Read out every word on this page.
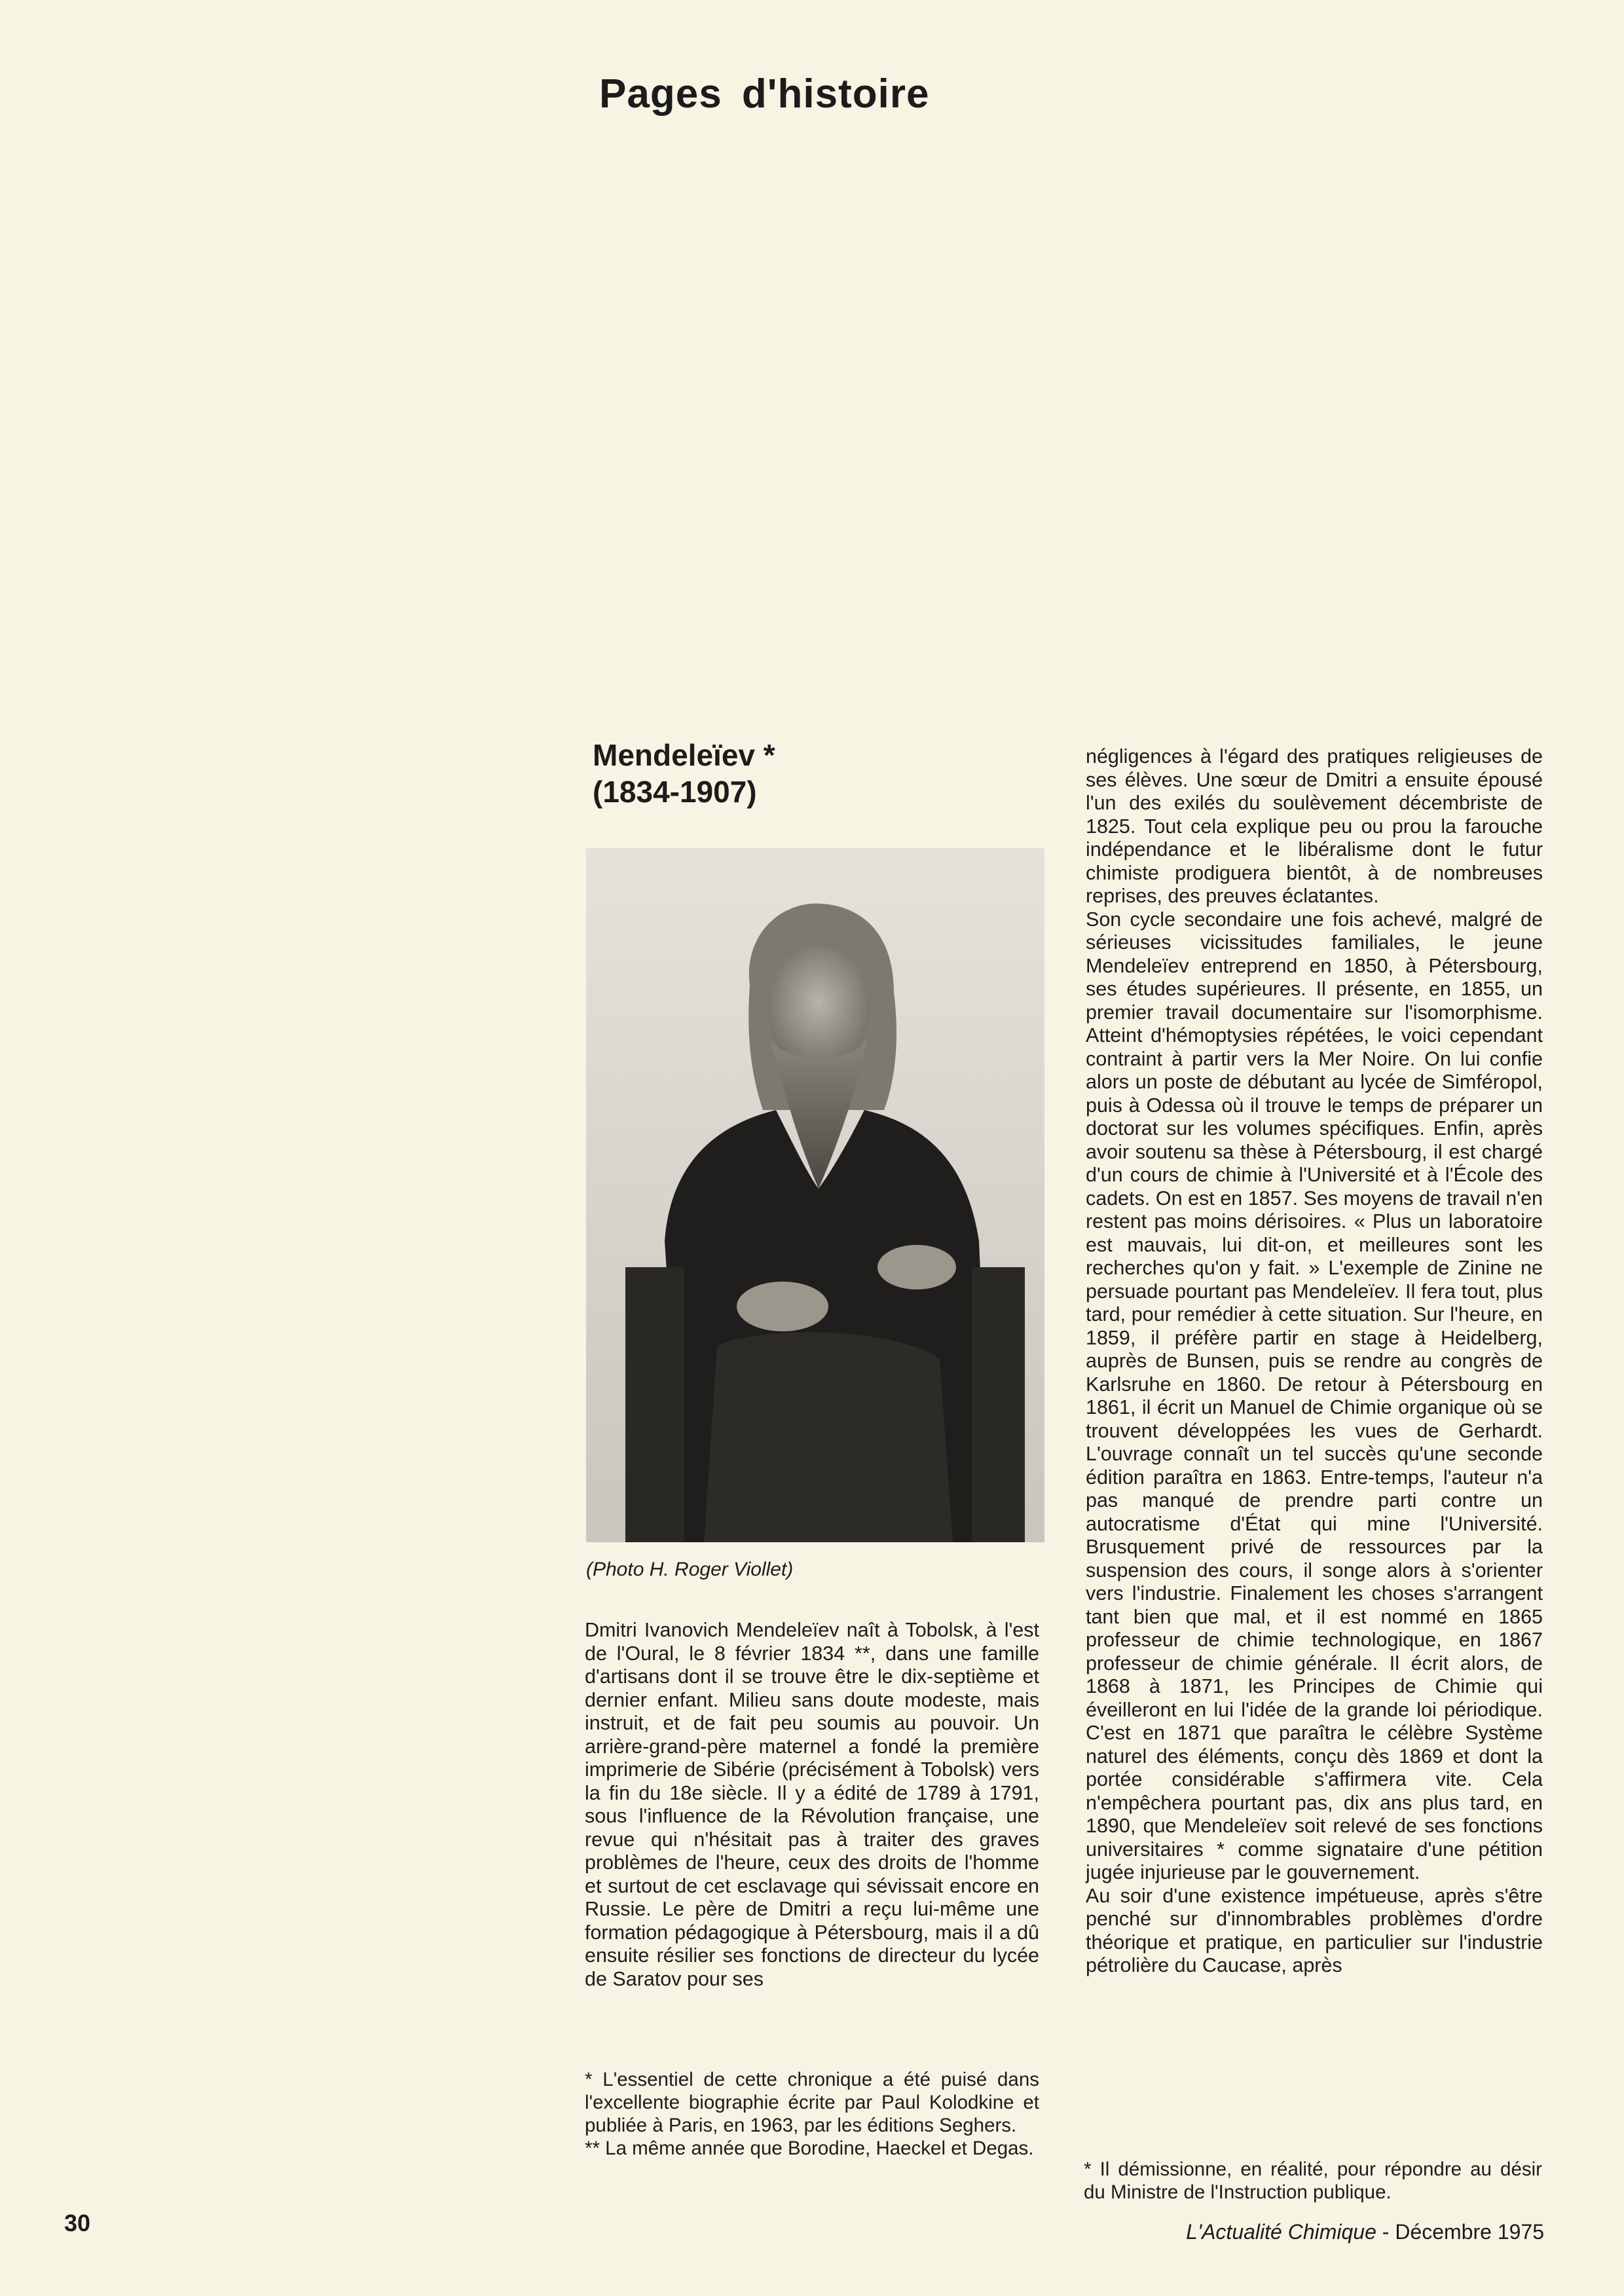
Pages d'histoire
Mendeleïev *
(1834-1907)

(Photo H. Roger Viollet)

Dmitri Ivanovich Mendeleïev naît à Tobolsk, à l'est de l'Oural, le 8 février 1834 **, dans une famille d'artisans dont il se trouve être le dix-septième et dernier enfant. Milieu sans doute modeste, mais instruit, et de fait peu soumis au pouvoir. Un arrière-grand-père maternel a fondé la première imprimerie de Sibérie (précisément à Tobolsk) vers la fin du 18e siècle. Il y a édité de 1789 à 1791, sous l'influence de la Révolution française, une revue qui n'hésitait pas à traiter des graves problèmes de l'heure, ceux des droits de l'homme et surtout de cet esclavage qui sévissait encore en Russie. Le père de Dmitri a reçu lui-même une formation pédagogique à Pétersbourg, mais il a dû ensuite résilier ses fonctions de directeur du lycée de Saratov pour ses

* L'essentiel de cette chronique a été puisé dans l'excellente biographie écrite par Paul Kolodkine et publiée à Paris, en 1963, par les éditions Seghers.

** La même année que Borodine, Haeckel et Degas.

négligences à l'égard des pratiques religieuses de ses élèves. Une sœur de Dmitri a ensuite épousé l'un des exilés du soulèvement décembriste de 1825. Tout cela explique peu ou prou la farouche indépendance et le libéralisme dont le futur chimiste prodiguera bientôt, à de nombreuses reprises, des preuves éclatantes.

Son cycle secondaire une fois achevé, malgré de sérieuses vicissitudes familiales, le jeune Mendeleïev entreprend en 1850, à Pétersbourg, ses études supérieures. Il présente, en 1855, un premier travail documentaire sur l'isomorphisme. Atteint d'hémoptysies répétées, le voici cependant contraint à partir vers la Mer Noire. On lui confie alors un poste de débutant au lycée de Simféropol, puis à Odessa où il trouve le temps de préparer un doctorat sur les volumes spécifiques. Enfin, après avoir soutenu sa thèse à Pétersbourg, il est chargé d'un cours de chimie à l'Université et à l'École des cadets. On est en 1857. Ses moyens de travail n'en restent pas moins dérisoires. « Plus un laboratoire est mauvais, lui dit-on, et meilleures sont les recherches qu'on y fait. » L'exemple de Zinine ne persuade pourtant pas Mendeleïev. Il fera tout, plus tard, pour remédier à cette situation. Sur l'heure, en 1859, il préfère partir en stage à Heidelberg, auprès de Bunsen, puis se rendre au congrès de Karlsruhe en 1860. De retour à Pétersbourg en 1861, il écrit un Manuel de Chimie organique où se trouvent développées les vues de Gerhardt. L'ouvrage connaît un tel succès qu'une seconde édition paraîtra en 1863. Entre-temps, l'auteur n'a pas manqué de prendre parti contre un autocratisme d'État qui mine l'Université. Brusquement privé de ressources par la suspension des cours, il songe alors à s'orienter vers l'industrie. Finalement les choses s'arrangent tant bien que mal, et il est nommé en 1865 professeur de chimie technologique, en 1867 professeur de chimie générale. Il écrit alors, de 1868 à 1871, les Principes de Chimie qui éveilleront en lui l'idée de la grande loi périodique. C'est en 1871 que paraîtra le célèbre Système naturel des éléments, conçu dès 1869 et dont la portée considérable s'affirmera vite. Cela n'empêchera pourtant pas, dix ans plus tard, en 1890, que Mendeleïev soit relevé de ses fonctions universitaires * comme signataire d'une pétition jugée injurieuse par le gouvernement.

Au soir d'une existence impétueuse, après s'être penché sur d'innombrables problèmes d'ordre théorique et pratique, en particulier sur l'industrie pétrolière du Caucase, après

* Il démissionne, en réalité, pour répondre au désir du Ministre de l'Instruction publique.

30	L'Actualité Chimique - Décembre 1975
